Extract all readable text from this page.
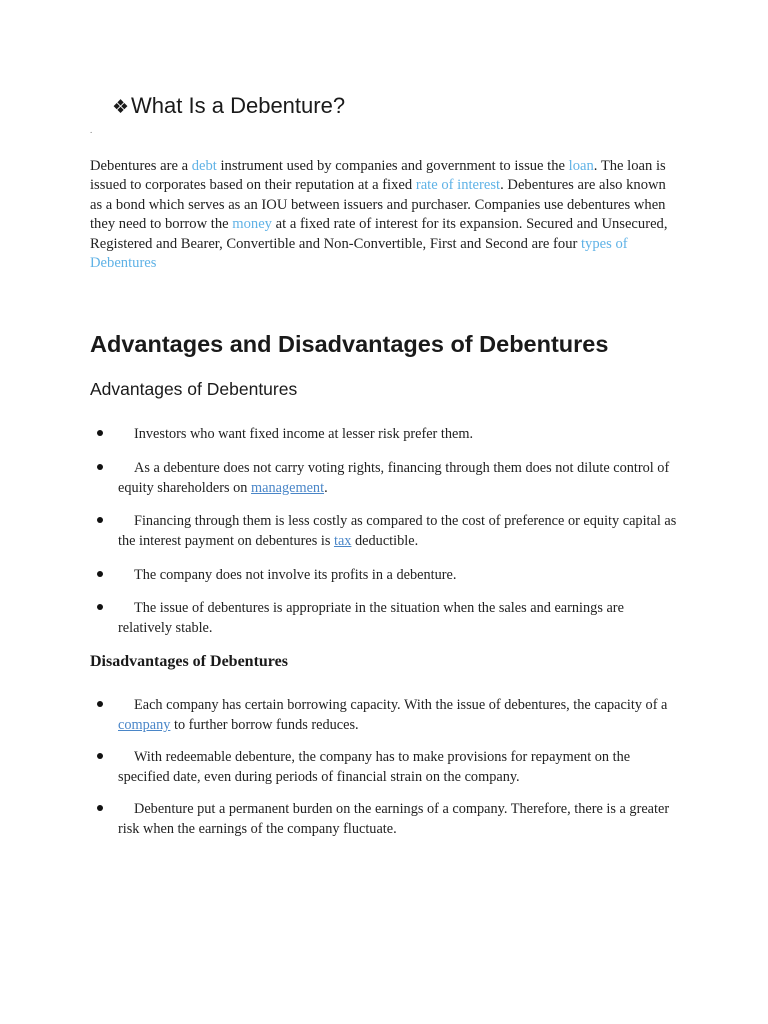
❖What Is a Debenture?
.

Debentures are a debt instrument used by companies and government to issue the loan. The loan is issued to corporates based on their reputation at a fixed rate of interest. Debentures are also known as a bond which serves as an IOU between issuers and purchaser. Companies use debentures when they need to borrow the money at a fixed rate of interest for its expansion. Secured and Unsecured, Registered and Bearer, Convertible and Non-Convertible, First and Second are four types of Debentures

Advantages and Disadvantages of Debentures
Advantages of Debentures
Investors who want fixed income at lesser risk prefer them.
As a debenture does not carry voting rights, financing through them does not dilute control of equity shareholders on management.
Financing through them is less costly as compared to the cost of preference or equity capital as the interest payment on debentures is tax deductible.
The company does not involve its profits in a debenture.
The issue of debentures is appropriate in the situation when the sales and earnings are relatively stable.
Disadvantages of Debentures
Each company has certain borrowing capacity. With the issue of debentures, the capacity of a company to further borrow funds reduces.
With redeemable debenture, the company has to make provisions for repayment on the specified date, even during periods of financial strain on the company.
Debenture put a permanent burden on the earnings of a company. Therefore, there is a greater risk when the earnings of the company fluctuate.
